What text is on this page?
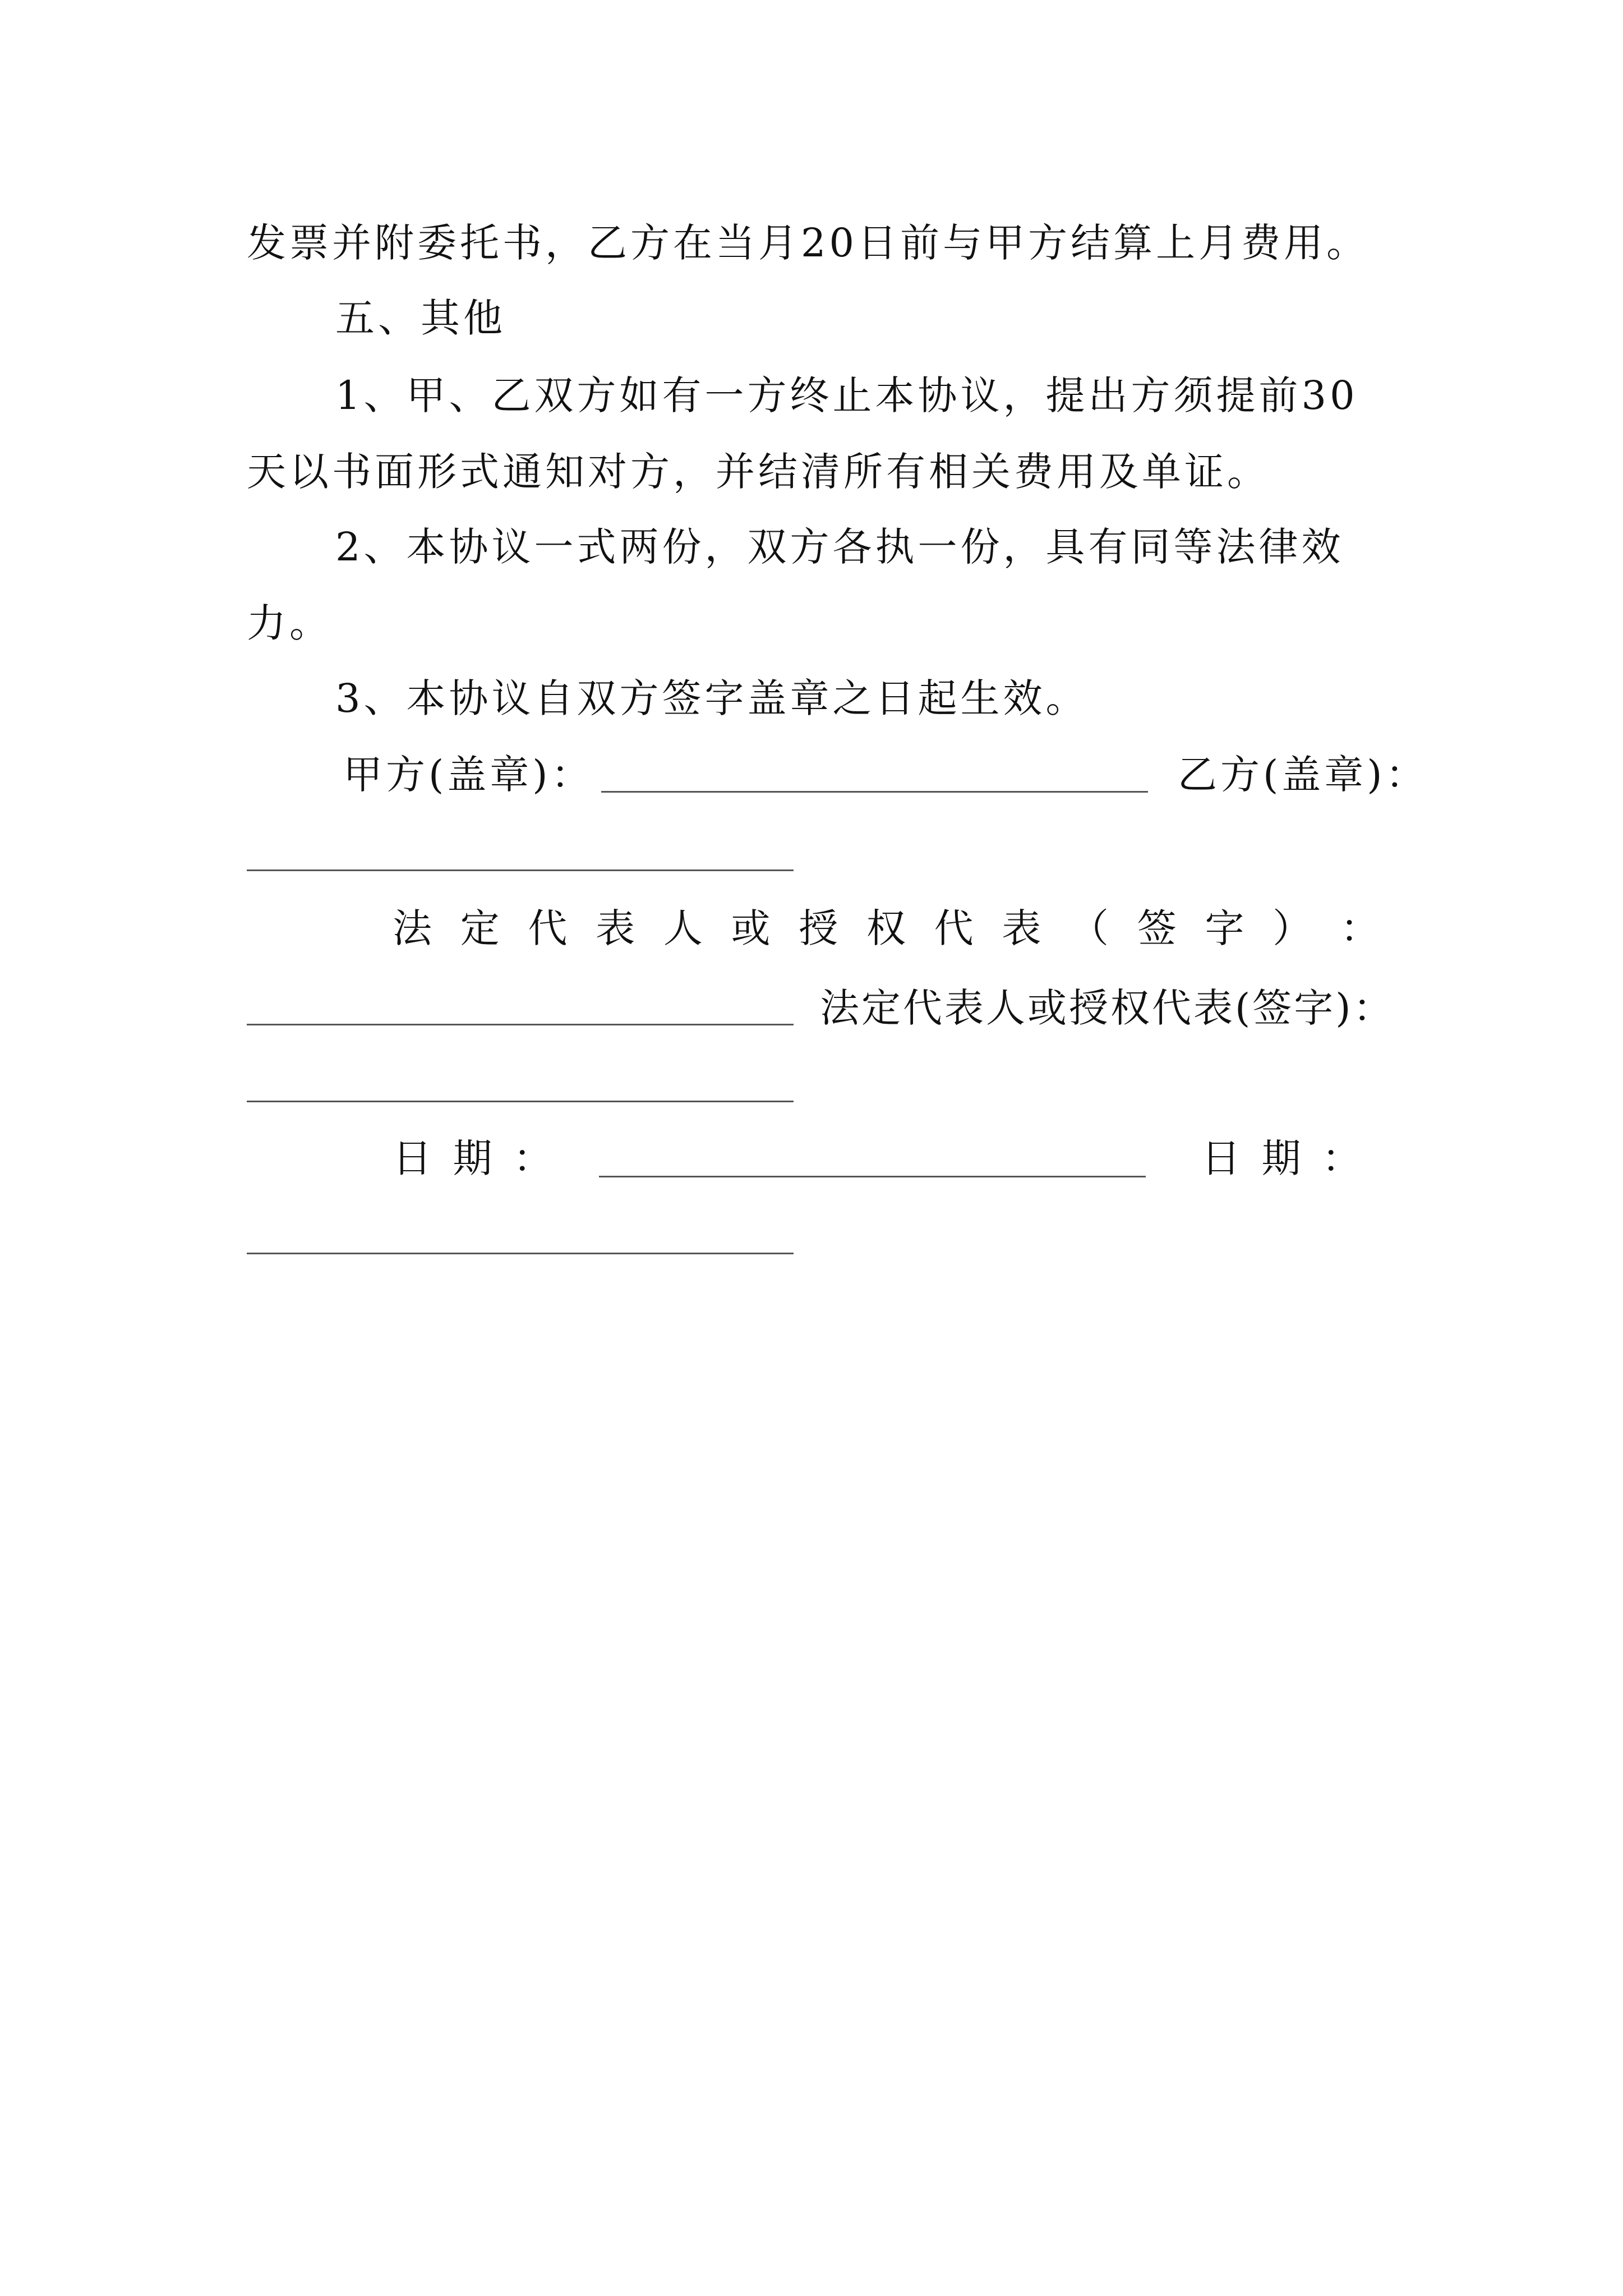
发票并附委托书，乙方在当月20日前与甲方结算上月费用。
五、其他
1、甲、乙双方如有一方终止本协议，提出方须提前30
天以书面形式通知对方，并结清所有相关费用及单证。
2、本协议一式两份，双方各执一份，具有同等法律效
力。
3、本协议自双方签字盖章之日起生效。
甲方(盖章)：	乙方(盖章)：
法 定 代 表 人 或 授 权 代 表 （ 签 字 ） ：
法定代表人或授权代表(签字)：
日 期 ：	日 期 ：
